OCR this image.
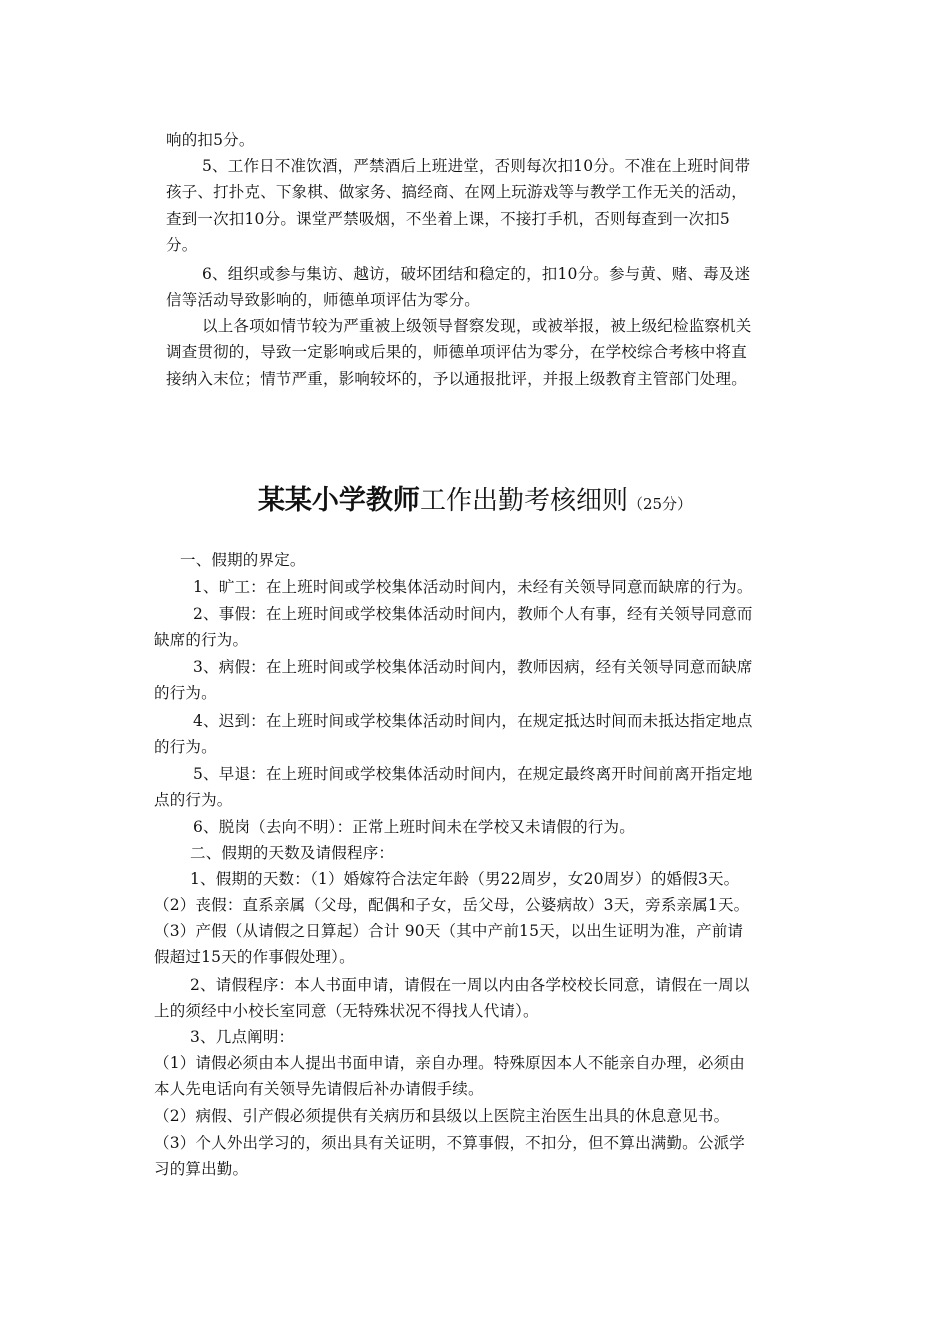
响的扣5分。
5、工作日不准饮酒，严禁酒后上班进堂，否则每次扣10分。不准在上班时间带
孩子、打扑克、下象棋、做家务、搞经商、在网上玩游戏等与教学工作无关的活动，
查到一次扣10分。课堂严禁吸烟，不坐着上课，不接打手机，否则每查到一次扣5
分。
6、组织或参与集访、越访，破坏团结和稳定的，扣10分。参与黄、赌、毒及迷
信等活动导致影响的，师德单项评估为零分。
以上各项如情节较为严重被上级领导督察发现，或被举报，被上级纪检监察机关
调查贯彻的，导致一定影响或后果的，师德单项评估为零分，在学校综合考核中将直
接纳入末位；情节严重，影响较坏的，予以通报批评，并报上级教育主管部门处理。
某某小学教师工作出勤考核细则（25分）
一、假期的界定。
1、旷工：在上班时间或学校集体活动时间内，未经有关领导同意而缺席的行为。
2、事假：在上班时间或学校集体活动时间内，教师个人有事，经有关领导同意而
缺席的行为。
3、病假：在上班时间或学校集体活动时间内，教师因病，经有关领导同意而缺席
的行为。
4、迟到：在上班时间或学校集体活动时间内，在规定抵达时间而未抵达指定地点
的行为。
5、早退：在上班时间或学校集体活动时间内，在规定最终离开时间前离开指定地
点的行为。
6、脱岗（去向不明）：正常上班时间未在学校又未请假的行为。
二、假期的天数及请假程序：
1、假期的天数：（1）婚嫁符合法定年龄（男22周岁，女20周岁）的婚假3天。
（2）丧假：直系亲属（父母，配偶和子女，岳父母，公婆病故）3天，旁系亲属1天。
（3）产假（从请假之日算起）合计 90天（其中产前15天，以出生证明为准，产前请
假超过15天的作事假处理）。
2、请假程序：本人书面申请，请假在一周以内由各学校校长同意，请假在一周以
上的须经中小校长室同意（无特殊状况不得找人代请）。
3、几点阐明：
（1）请假必须由本人提出书面申请，亲自办理。特殊原因本人不能亲自办理，必须由
本人先电话向有关领导先请假后补办请假手续。
（2）病假、引产假必须提供有关病历和县级以上医院主治医生出具的休息意见书。
（3）个人外出学习的，须出具有关证明，不算事假，不扣分，但不算出满勤。公派学
习的算出勤。
